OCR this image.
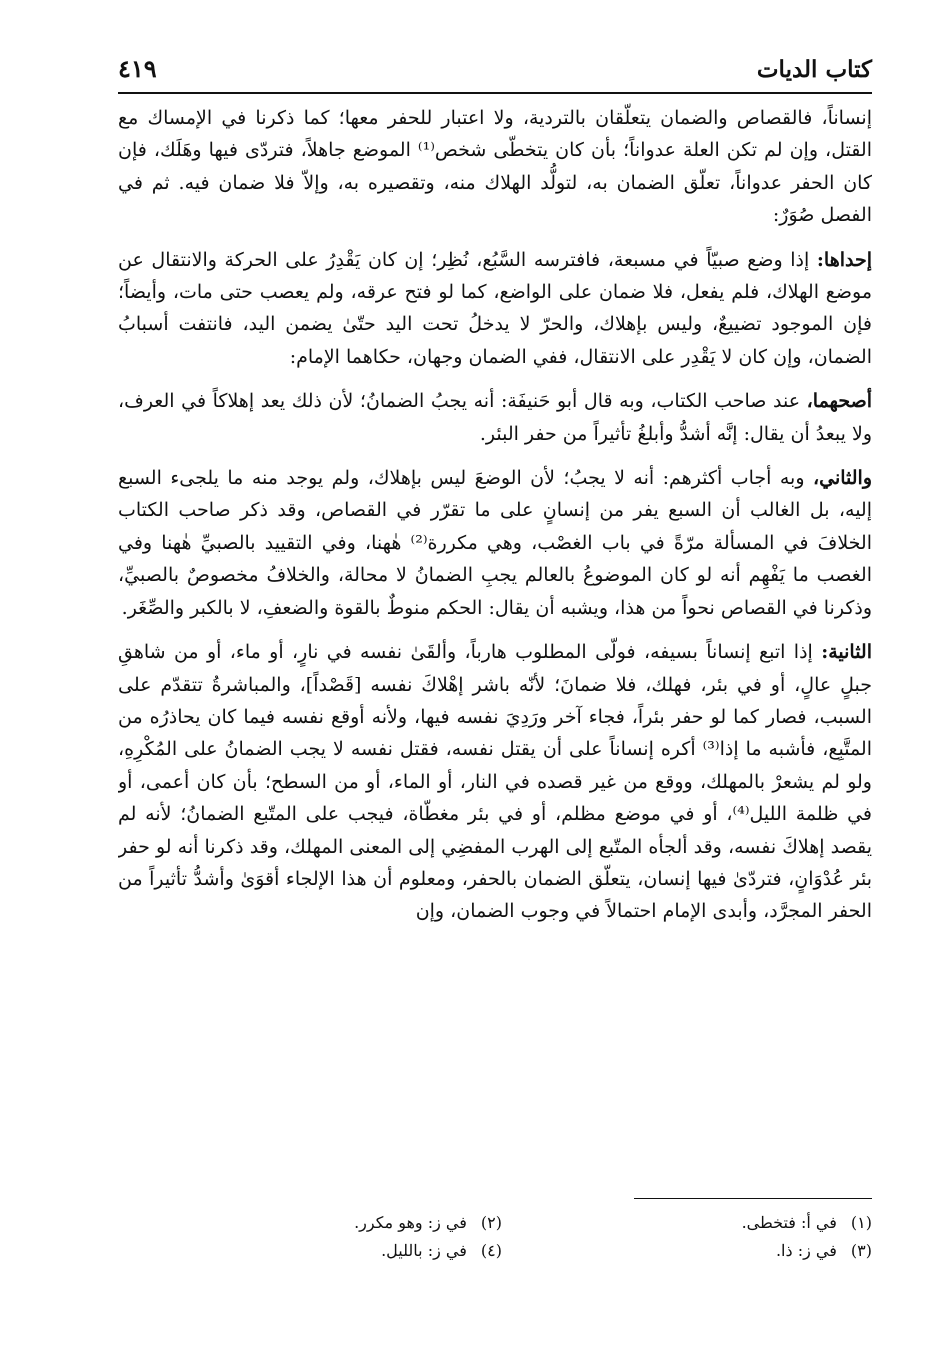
كتاب الديات
٤١٩

إنساناً، فالقصاص والضمان يتعلّقان بالتردية، ولا اعتبار للحفر معها؛ كما ذكرنا في الإمساك مع القتل، وإن لم تكن العلة عدواناً؛ بأن كان يتخطّى شخص⁽¹⁾ الموضع جاهلاً، فتردّى فيها وهَلَك، فإن كان الحفر عدواناً، تعلّق الضمان به، لتولُّد الهلاك منه، وتقصيره به، وإلاّ فلا ضمان فيه. ثم في الفصل صُوَرٌ:

إحداها: إذا وضع صبيّاً في مسبعة، فافترسه السَّبُع، نُظِر؛ إن كان يَقْدِرُ على الحركة والانتقال عن موضع الهلاك، فلم يفعل، فلا ضمان على الواضع، كما لو فتح عرقه، ولم يعصب حتى مات، وأيضاً؛ فإن الموجود تضييعٌ، وليس بإهلاك، والحرّ لا يدخلُ تحت اليد حتّىٰ يضمن اليد، فانتفت أسبابُ الضمان، وإن كان لا يَقْدِر على الانتقال، ففي الضمان وجهان، حكاهما الإمام:

أصحهما، عند صاحب الكتاب، وبه قال أبو حَنيفَة: أنه يجبُ الضمانُ؛ لأن ذلك يعد إهلاكاً في العرف، ولا يبعدُ أن يقال: إنَّه أشدُّ وأبلغُ تأثيراً من حفر البئر.

والثاني، وبه أجاب أكثرهم: أنه لا يجبُ؛ لأن الوضعَ ليس بإهلاك، ولم يوجد منه ما يلجىء السبع إليه، بل الغالب أن السبع يفر من إنسانٍ على ما تقرّر في القصاص، وقد ذكر صاحب الكتاب الخلافَ في المسألة مرّةً في باب الغصْب، وهي مكررة⁽²⁾ هٰهنا، وفي التقييد بالصبيِّ هٰهنا وفي الغصب ما يَفْهِم أنه لو كان الموضوعُ بالعالم يجبِ الضمانُ لا محالة، والخلافُ مخصوصٌ بالصبيِّ، وذكرنا في القصاص نحواً من هذا، ويشبه أن يقال: الحكم منوطٌ بالقوة والضعفِ، لا بالكبر والصِّغَر.

الثانية: إذا اتبع إنساناً بسيفه، فولّى المطلوب هارباً، وألقَىٰ نفسه في نارٍ، أو ماء، أو من شاهقِ جبلٍ عالٍ، أو في بئر، فهلك، فلا ضمانَ؛ لأنّه باشر إهْلاكَ نفسه [قَصْداً]، والمباشرةُ تتقدّم على السبب، فصار كما لو حفر بئراً، فجاء آخر ورَدِيَ نفسه فيها، ولأنه أوقع نفسه فيما كان يحاذرُه من المتَّبِع، فأشبه ما إذا⁽³⁾ أكره إنساناً على أن يقتل نفسه، فقتل نفسه لا يجب الضمانُ على المُكْرِهِ، ولو لم يشعرْ بالمهلك، ووقع من غير قصده في النار، أو الماء، أو من السطح؛ بأن كان أعمى، أو في ظلمة الليل⁽⁴⁾، أو في موضع مظلم، أو في بئر مغطّاة، فيجب على المتّبع الضمانُ؛ لأنه لم يقصد إهلاكَ نفسه، وقد ألجأه المتّبع إلى الهرب المفضِي إلى المعنى المهلك، وقد ذكرنا أنه لو حفر بئر عُدْوَانٍ، فتردّىٰ فيها إنسان، يتعلّق الضمان بالحفر، ومعلوم أن هذا الإلجاء أقوَىٰ وأشدُّ تأثيراً من الحفر المجرَّد، وأبدى الإمام احتمالاً في وجوب الضمان، وإن

(١)في أ: فتخطى.
(٢)في ز: وهو مكرر.
(٣)في ز: ذا.
(٤)في ز: بالليل.
